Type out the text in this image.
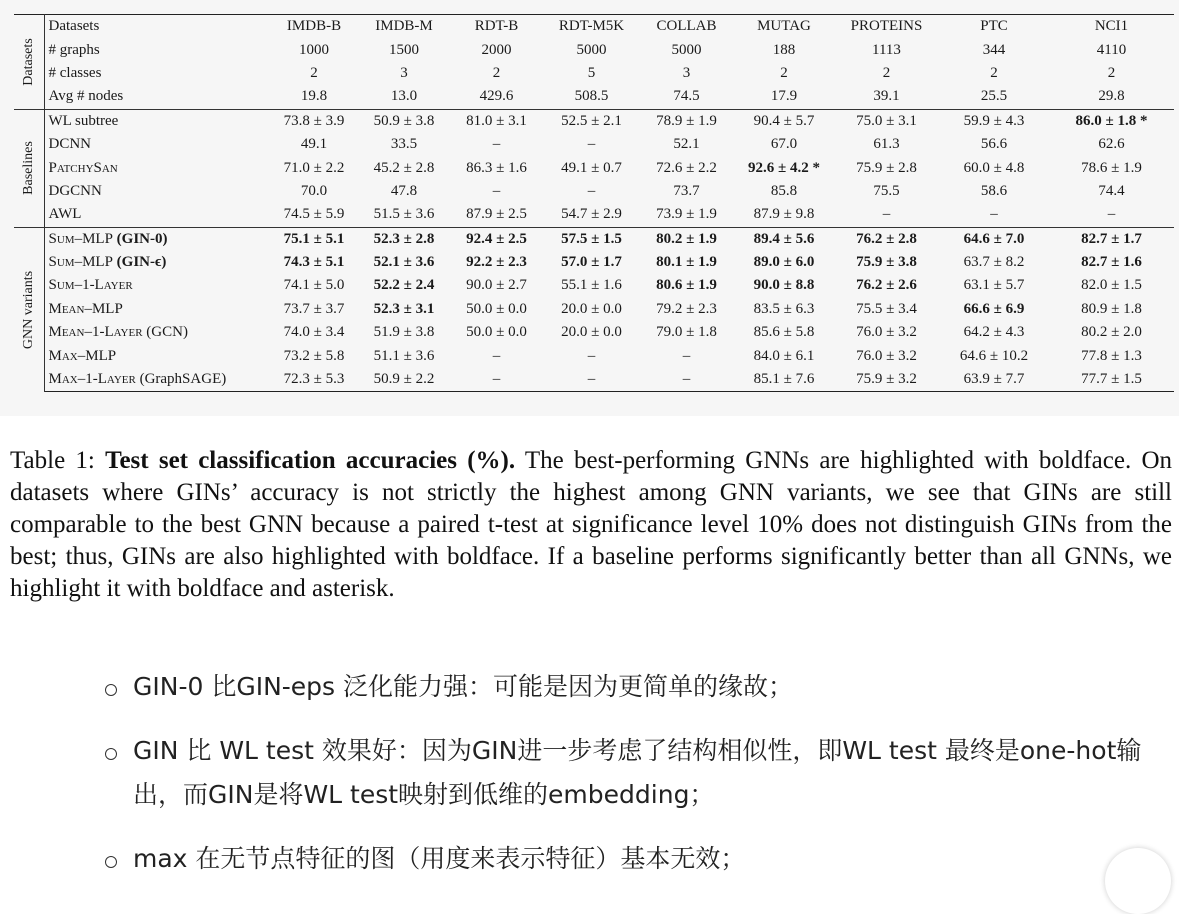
Datasets	Datasets	IMDB-B	IMDB-M	RDT-B	RDT-M5K	COLLAB	MUTAG	PROTEINS	PTC	NCI1
	# graphs	1000	1500	2000	5000	5000	188	1113	344	4110
	# classes	2	3	2	5	3	2	2	2	2
	Avg # nodes	19.8	13.0	429.6	508.5	74.5	17.9	39.1	25.5	29.8

Baselines	WL subtree	73.8 ± 3.9	50.9 ± 3.8	81.0 ± 3.1	52.5 ± 2.1	78.9 ± 1.9	90.4 ± 5.7	75.0 ± 3.1	59.9 ± 4.3	86.0 ± 1.8 *
	DCNN	49.1	33.5	–	–	52.1	67.0	61.3	56.6	62.6
	PatchySan	71.0 ± 2.2	45.2 ± 2.8	86.3 ± 1.6	49.1 ± 0.7	72.6 ± 2.2	92.6 ± 4.2 *	75.9 ± 2.8	60.0 ± 4.8	78.6 ± 1.9
	DGCNN	70.0	47.8	–	–	73.7	85.8	75.5	58.6	74.4
	AWL	74.5 ± 5.9	51.5 ± 3.6	87.9 ± 2.5	54.7 ± 2.9	73.9 ± 1.9	87.9 ± 9.8	–	–	–

GNN variants	Sum–MLP (GIN-0)	75.1 ± 5.1	52.3 ± 2.8	92.4 ± 2.5	57.5 ± 1.5	80.2 ± 1.9	89.4 ± 5.6	76.2 ± 2.8	64.6 ± 7.0	82.7 ± 1.7
	Sum–MLP (GIN-ϵ)	74.3 ± 5.1	52.1 ± 3.6	92.2 ± 2.3	57.0 ± 1.7	80.1 ± 1.9	89.0 ± 6.0	75.9 ± 3.8	63.7 ± 8.2	82.7 ± 1.6
	Sum–1-Layer	74.1 ± 5.0	52.2 ± 2.4	90.0 ± 2.7	55.1 ± 1.6	80.6 ± 1.9	90.0 ± 8.8	76.2 ± 2.6	63.1 ± 5.7	82.0 ± 1.5
	Mean–MLP	73.7 ± 3.7	52.3 ± 3.1	50.0 ± 0.0	20.0 ± 0.0	79.2 ± 2.3	83.5 ± 6.3	75.5 ± 3.4	66.6 ± 6.9	80.9 ± 1.8
	Mean–1-Layer (GCN)	74.0 ± 3.4	51.9 ± 3.8	50.0 ± 0.0	20.0 ± 0.0	79.0 ± 1.8	85.6 ± 5.8	76.0 ± 3.2	64.2 ± 4.3	80.2 ± 2.0
	Max–MLP	73.2 ± 5.8	51.1 ± 3.6	–	–	–	84.0 ± 6.1	76.0 ± 3.2	64.6 ± 10.2	77.8 ± 1.3
	Max–1-Layer (GraphSAGE)	72.3 ± 5.3	50.9 ± 2.2	–	–	–	85.1 ± 7.6	75.9 ± 3.2	63.9 ± 7.7	77.7 ± 1.5
Table 1: Test set classification accuracies (%). The best-performing GNNs are highlighted with boldface. On datasets where GINs’ accuracy is not strictly the highest among GNN variants, we see that GINs are still comparable to the best GNN because a paired t-test at significance level 10% does not distinguish GINs from the best; thus, GINs are also highlighted with boldface. If a baseline performs significantly better than all GNNs, we highlight it with boldface and asterisk.
GIN-0 比GIN-eps 泛化能力强：可能是因为更简单的缘故；
GIN 比 WL test 效果好：因为GIN进一步考虑了结构相似性，即WL test 最终是one-hot输出，而GIN是将WL test映射到低维的embedding；
max 在无节点特征的图（用度来表示特征）基本无效；
